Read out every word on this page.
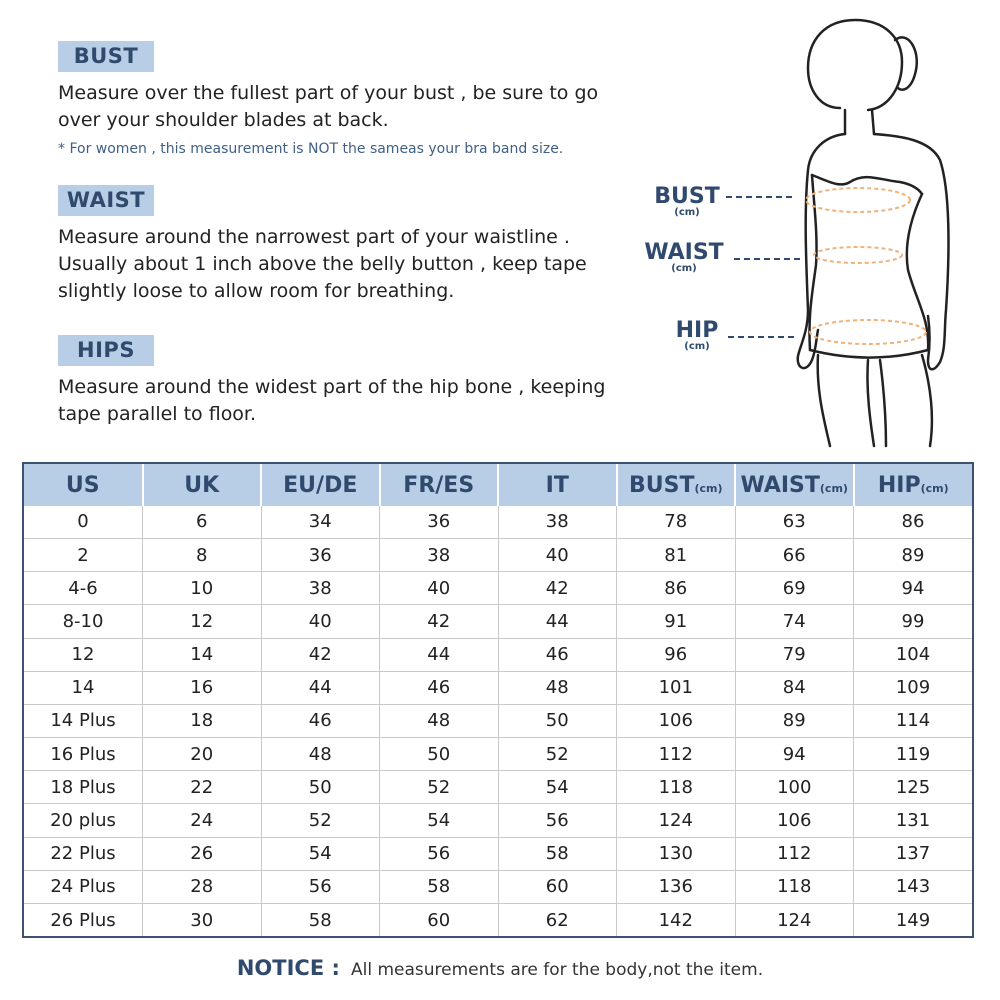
BUST
Measure over the fullest part of your bust , be sure to go
over your shoulder blades at back.
* For women , this measurement is NOT the sameas your bra band size.
WAIST
Measure around the narrowest part of your waistline .
Usually about 1 inch above the belly button , keep tape
slightly loose to allow room for breathing.
HIPS
Measure around the widest part of the hip bone , keeping
tape parallel to floor.
BUST
(cm)
WAIST
(cm)
HIP
(cm)
US	UK	EU/DE	FR/ES	IT	BUST(cm)	WAIST(cm)	HIP(cm)
0	6	34	36	38	78	63	86
2	8	36	38	40	81	66	89
4-6	10	38	40	42	86	69	94
8-10	12	40	42	44	91	74	99
12	14	42	44	46	96	79	104
14	16	44	46	48	101	84	109
14 Plus	18	46	48	50	106	89	114
16 Plus	20	48	50	52	112	94	119
18 Plus	22	50	52	54	118	100	125
20 plus	24	52	54	56	124	106	131
22 Plus	26	54	56	58	130	112	137
24 Plus	28	56	58	60	136	118	143
26 Plus	30	58	60	62	142	124	149
NOTICE : All measurements are for the body,not the item.
